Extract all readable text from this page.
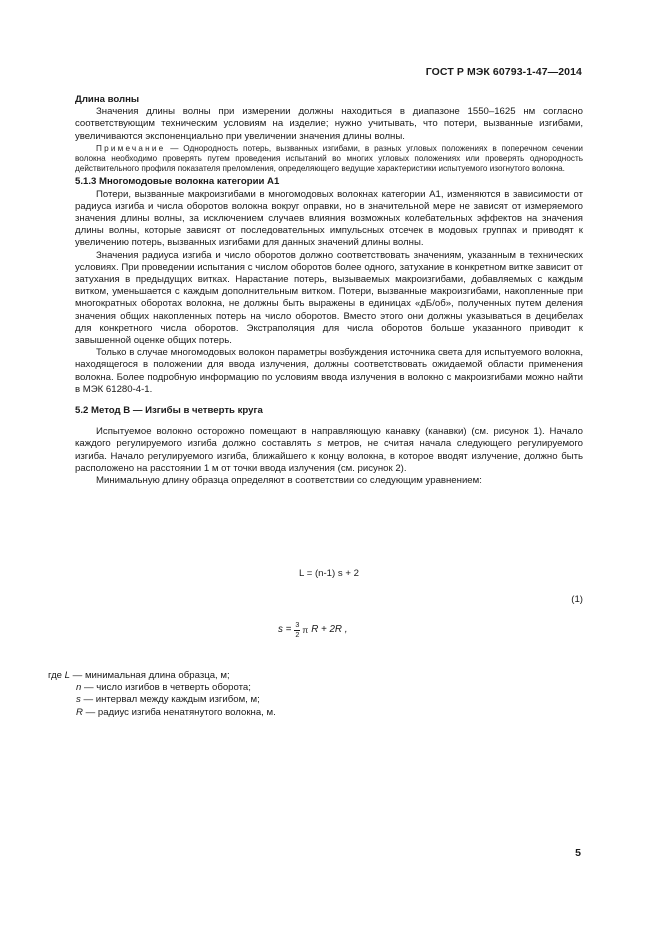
ГОСТ Р МЭК 60793-1-47—2014

Длина волны

Значения длины волны при измерении должны находиться в диапазоне 1550–1625 нм согласно соответствующим техническим условиям на изделие; нужно учитывать, что потери, вызванные изгибами, увеличиваются экспоненциально при увеличении значения длины волны.

Примечание — Однородность потерь, вызванных изгибами, в разных угловых положениях в поперечном сечении волокна необходимо проверять путем проведения испытаний во многих угловых положениях или проверять однородность действительного профиля показателя преломления, определяющего ведущие характеристики испытуемого изогнутого волокна.

5.1.3 Многомодовые волокна категории А1

Потери, вызванные макроизгибами в многомодовых волокнах категории А1, изменяются в зависимости от радиуса изгиба и числа оборотов волокна вокруг оправки, но в значительной мере не зависят от измеряемого значения длины волны, за исключением случаев влияния возможных колебательных эффектов на значения длины волны, которые зависят от последовательных импульсных отсечек в модовых группах и приводят к увеличению потерь, вызванных изгибами для данных значений длины волны.

Значения радиуса изгиба и число оборотов должно соответствовать значениям, указанным в технических условиях. При проведении испытания с числом оборотов более одного, затухание в конкретном витке зависит от затухания в предыдущих витках. Нарастание потерь, вызываемых макроизгибами, добавляемых с каждым витком, уменьшается с каждым дополнительным витком. Потери, вызванные макроизгибами, накопленные при многократных оборотах волокна, не должны быть выражены в единицах «дБ/об», полученных путем деления значения общих накопленных потерь на число оборотов. Вместо этого они должны указываться в децибелах для конкретного числа оборотов. Экстраполяция для числа оборотов больше указанного приводит к завышенной оценке общих потерь.

Только в случае многомодовых волокон параметры возбуждения источника света для испытуемого волокна, находящегося в положении для ввода излучения, должны соответствовать ожидаемой области применения волокна. Более подробную информацию по условиям ввода излучения в волокно с макроизгибами можно найти в МЭК 61280-4-1.

5.2 Метод В — Изгибы в четверть круга

Испытуемое волокно осторожно помещают в направляющую канавку (канавки) (см. рисунок 1). Начало каждого регулируемого изгиба должно составлять s метров, не считая начала следующего регулируемого изгиба. Начало регулируемого изгиба, ближайшего к концу волокна, в которое вводят излучение, должно быть расположено на расстоянии 1 м от точки ввода излучения (см. рисунок 2).

Минимальную длину образца определяют в соответствии со следующим уравнением:

L = (n-1) s + 2
(1)
$s = \frac{3}{2}$ π R + 2R ,

где L — минимальная длина образца, м;

n — число изгибов в четверть оборота;

s — интервал между каждым изгибом, м;

R — радиус изгиба ненатянутого волокна, м.

5
